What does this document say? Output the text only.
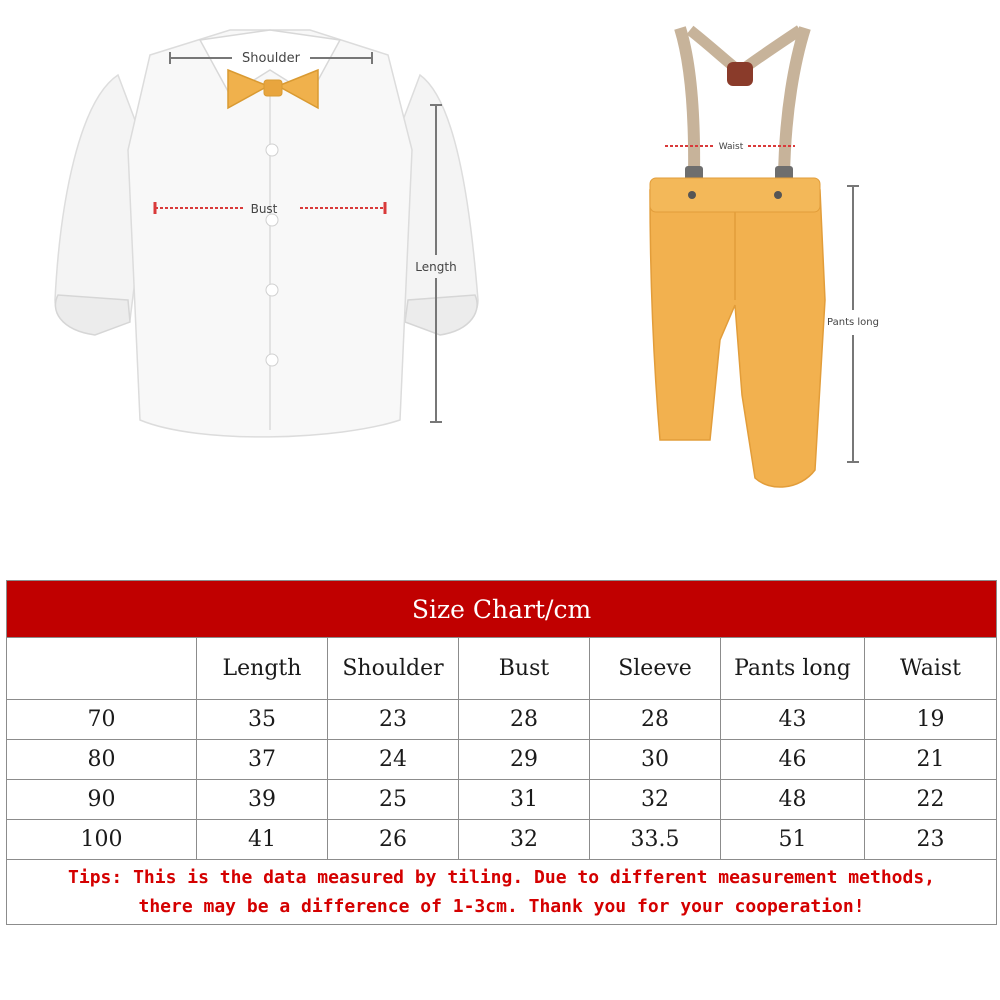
Shoulder
Bust
Length
Waist
Pants long
Size Chart/cm						
	Length	Shoulder	Bust	Sleeve	Pants long	Waist
70	35	23	28	28	43	19
80	37	24	29	30	46	21
90	39	25	31	32	48	22
100	41	26	32	33.5	51	23

Tips: This is the data measured by tiling. Due to different measurement methods,
there may be a difference of 1-3cm. Thank you for your cooperation!						
